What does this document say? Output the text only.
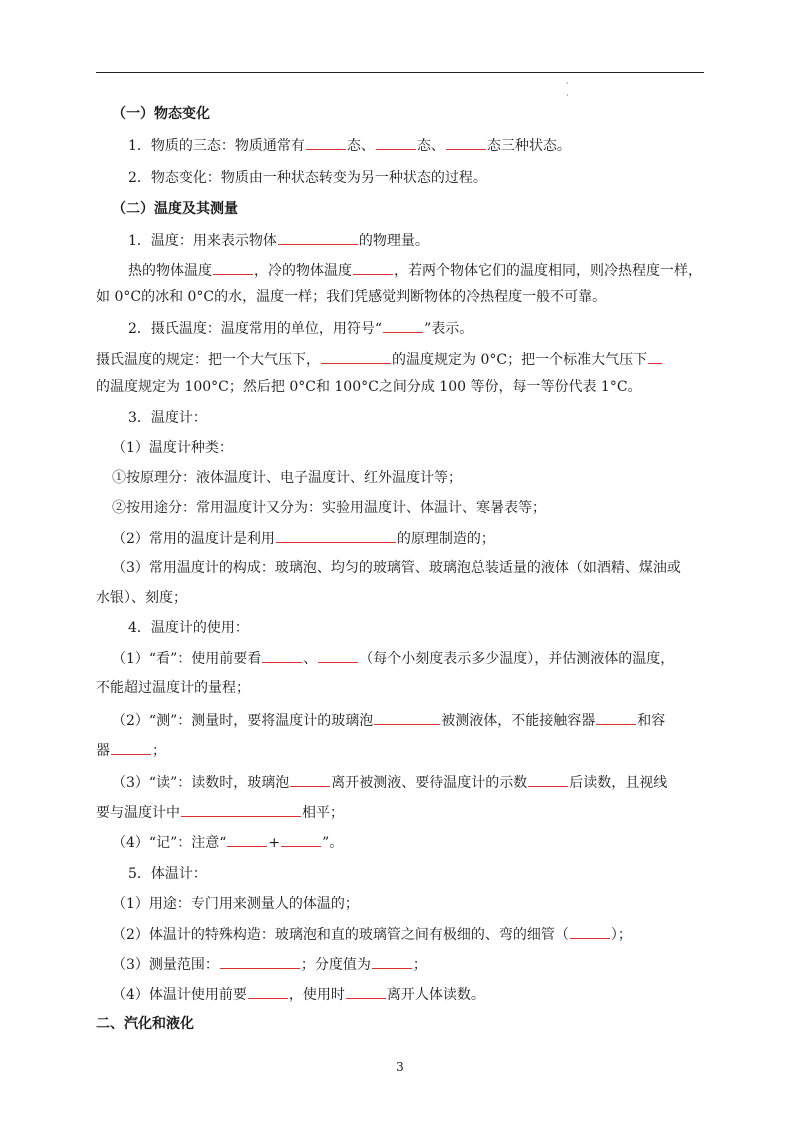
·
·
（一）物态变化
1．物质的三态：物质通常有	态、	态、	态三种状态。
2．物态变化：物质由一种状态转变为另一种状态的过程。
（二）温度及其测量
1．温度：用来表示物体	的物理量。
热的物体温度	，冷的物体温度	，若两个物体它们的温度相同，则冷热程度一样，
如 0°C的冰和 0°C的水，温度一样；我们凭感觉判断物体的冷热程度一般不可靠。
2．摄氏温度：温度常用的单位，用符号“	”表示。
摄氏温度的规定：把一个大气压下，	的温度规定为 0°C；把一个标准大气压下
的温度规定为 100°C；然后把 0°C和 100°C之间分成 100 等份，每一等份代表 1°C。
3．温度计：
（1）温度计种类：
①按原理分：液体温度计、电子温度计、红外温度计等；
②按用途分：常用温度计又分为：实验用温度计、体温计、寒暑表等；
（2）常用的温度计是利用	的原理制造的；
（3）常用温度计的构成：玻璃泡、均匀的玻璃管、玻璃泡总装适量的液体（如酒精、煤油或
水银）、刻度；
4．温度计的使用：
（1）“看”：使用前要看	、	（每个小刻度表示多少温度），并估测液体的温度，
不能超过温度计的量程；
（2）“测”：测量时，要将温度计的玻璃泡	被测液体，不能接触容器	和容
器	；
（3）“读”：读数时，玻璃泡	离开被测液、要待温度计的示数	后读数，且视线
要与温度计中	相平；
（4）“记”：注意“	+	”。
5．体温计：
（1）用途：专门用来测量人的体温的；
（2）体温计的特殊构造：玻璃泡和直的玻璃管之间有极细的、弯的细管（	）；
（3）测量范围：	；分度值为	；
（4）体温计使用前要	，使用时	离开人体读数。
二、汽化和液化
3
